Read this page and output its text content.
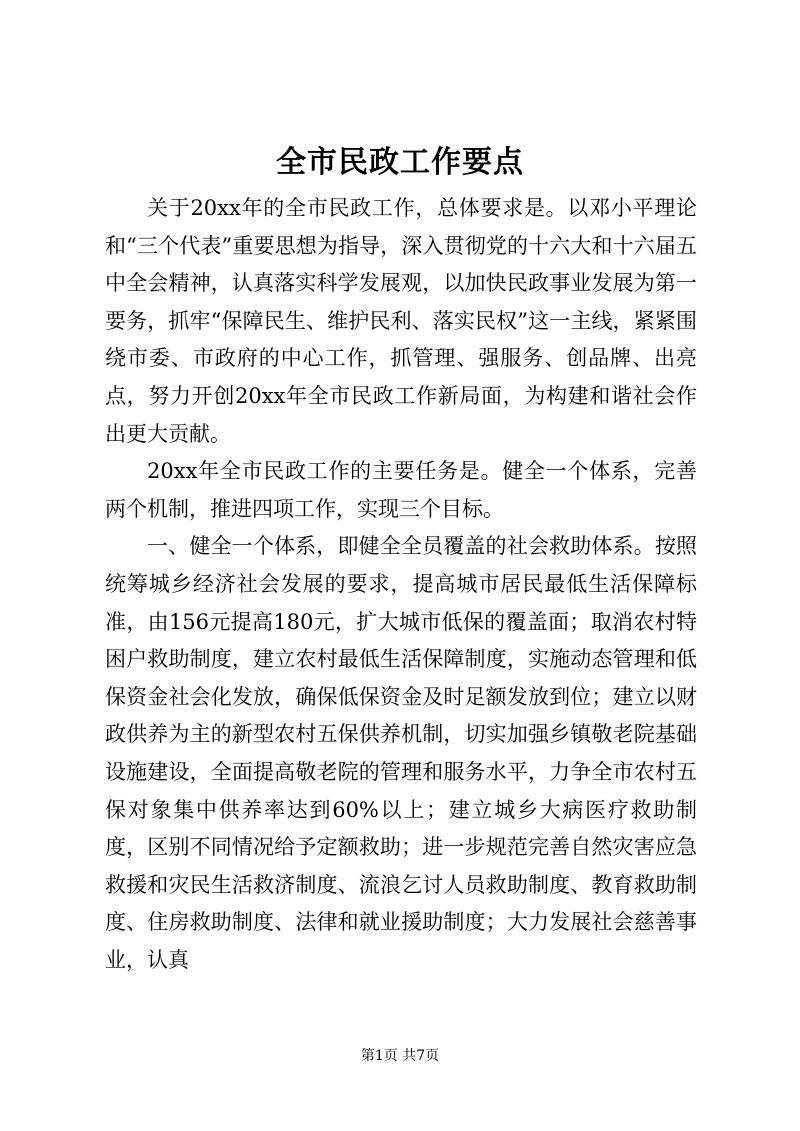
全市民政工作要点

关于20xx年的全市民政工作，总体要求是。以邓小平理论和“三个代表”重要思想为指导，深入贯彻党的十六大和十六届五中全会精神，认真落实科学发展观，以加快民政事业发展为第一要务，抓牢“保障民生、维护民利、落实民权”这一主线，紧紧围绕市委、市政府的中心工作，抓管理、强服务、创品牌、出亮点，努力开创20xx年全市民政工作新局面，为构建和谐社会作出更大贡献。

20xx年全市民政工作的主要任务是。健全一个体系，完善两个机制，推进四项工作，实现三个目标。

一、健全一个体系，即健全全员覆盖的社会救助体系。按照统筹城乡经济社会发展的要求，提高城市居民最低生活保障标准，由156元提高180元，扩大城市低保的覆盖面；取消农村特困户救助制度，建立农村最低生活保障制度，实施动态管理和低保资金社会化发放，确保低保资金及时足额发放到位；建立以财政供养为主的新型农村五保供养机制，切实加强乡镇敬老院基础设施建设，全面提高敬老院的管理和服务水平，力争全市农村五保对象集中供养率达到60%以上；建立城乡大病医疗救助制度，区别不同情况给予定额救助；进一步规范完善自然灾害应急救援和灾民生活救济制度、流浪乞讨人员救助制度、教育救助制度、住房救助制度、法律和就业援助制度；大力发展社会慈善事业，认真

第1页 共7页
